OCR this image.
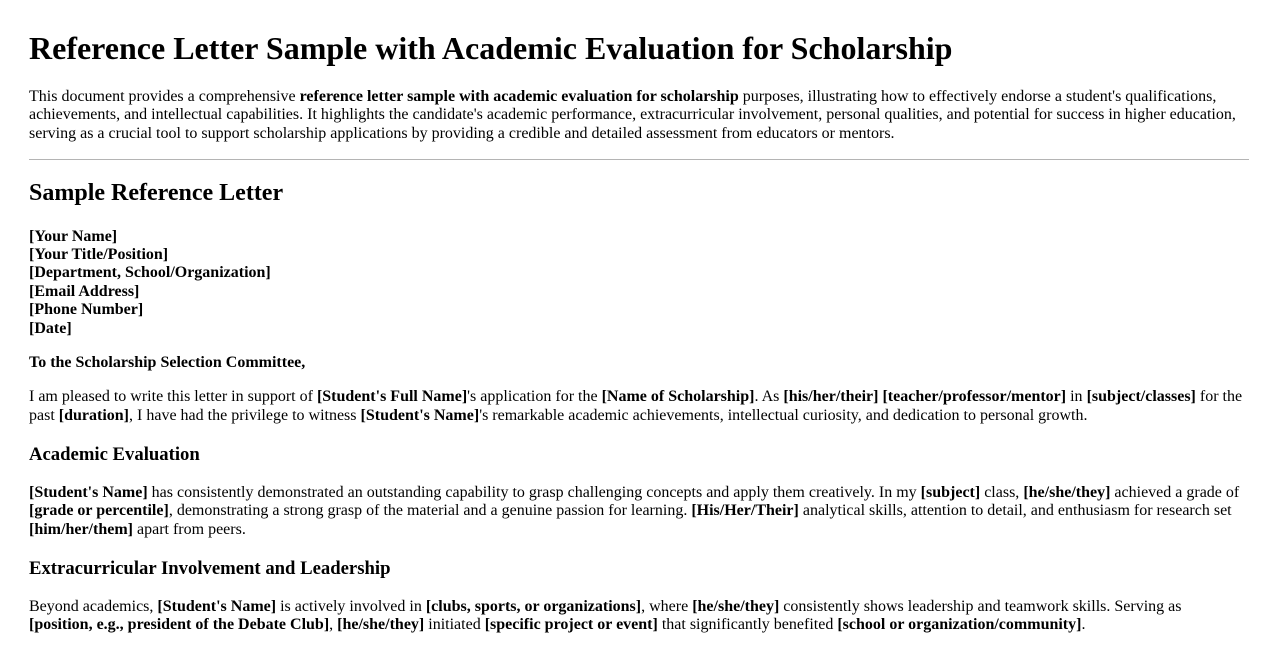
Reference Letter Sample with Academic Evaluation for Scholarship

This document provides a comprehensive reference letter sample with academic evaluation for scholarship purposes, illustrating how to effectively endorse a student's qualifications, achievements, and intellectual capabilities. It highlights the candidate's academic performance, extracurricular involvement, personal qualities, and potential for success in higher education, serving as a crucial tool to support scholarship applications by providing a credible and detailed assessment from educators or mentors.

Sample Reference Letter

[Your Name]
[Your Title/Position]
[Department, School/Organization]
[Email Address]
[Phone Number]
[Date]

To the Scholarship Selection Committee,

I am pleased to write this letter in support of [Student's Full Name]'s application for the [Name of Scholarship]. As [his/her/their] [teacher/professor/mentor] in [subject/classes] for the past [duration], I have had the privilege to witness [Student's Name]'s remarkable academic achievements, intellectual curiosity, and dedication to personal growth.

Academic Evaluation

[Student's Name] has consistently demonstrated an outstanding capability to grasp challenging concepts and apply them creatively. In my [subject] class, [he/she/they] achieved a grade of [grade or percentile], demonstrating a strong grasp of the material and a genuine passion for learning. [His/Her/Their] analytical skills, attention to detail, and enthusiasm for research set [him/her/them] apart from peers.

Extracurricular Involvement and Leadership

Beyond academics, [Student's Name] is actively involved in [clubs, sports, or organizations], where [he/she/they] consistently shows leadership and teamwork skills. Serving as [position, e.g., president of the Debate Club], [he/she/they] initiated [specific project or event] that significantly benefited [school or organization/community].
